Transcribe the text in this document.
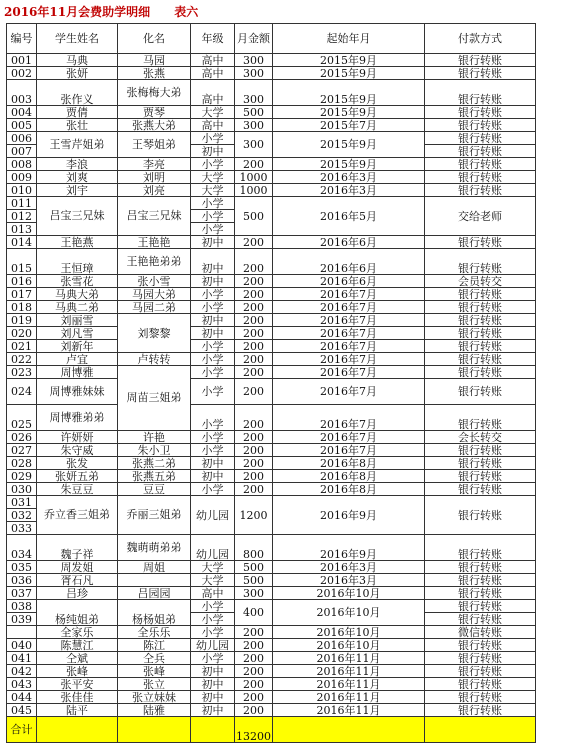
2016年11月会费助学明细 表六
编号	学生姓名	化名	年级	月金额	起始年月	付款方式
001	马典	马园	高中	300	2015年9月	银行转账
002	张妍	张燕	高中	300	2015年9月	银行转账
003	张作义	张梅梅大弟	高中	300	2015年9月	银行转账
004	贾倩	贾琴	大学	500	2015年9月	银行转账
005	张壮	张燕大弟	高中	300	2015年7月	银行转账
006	王雪芹姐弟	王琴姐弟	小学	300	2015年9月	银行转账
007			初中			银行转账
008	李浪	李亮	小学	200	2015年9月	银行转账
009	刘爽	刘明	大学	1000	2016年3月	银行转账
010	刘宇	刘亮	大学	1000	2016年3月	银行转账
011	吕宝三兄妹	吕宝三兄妹	小学	500	2016年5月	交给老师
012			小学			
013			小学			
014	王艳燕	王艳艳	初中	200	2016年6月	银行转账
015	王恒璋	王艳艳弟弟	初中	200	2016年6月	银行转账
016	张雪花	张小雪	初中	200	2016年6月	会员转交
017	马典大弟	马园大弟	小学	200	2016年7月	银行转账
018	马典二弟	马园二弟	小学	200	2016年7月	银行转账
019	刘丽雪	刘黎黎	初中	200	2016年7月	银行转账
020	刘凡雪		初中	200	2016年7月	银行转账
021	刘新年		小学	200	2016年7月	银行转账
022	卢宜	卢转转	小学	200	2016年7月	银行转账
023	周博雅	周苗三姐弟	小学	200	2016年7月	银行转账
024	周博雅妹妹		小学	200	2016年7月	银行转账
025	周博雅弟弟		小学	200	2016年7月	银行转账
026	许妍妍	许艳	小学	200	2016年7月	会长转交
027	朱守威	朱小卫	小学	200	2016年7月	银行转账
028	张发	张燕二弟	初中	200	2016年8月	银行转账
029	张妍五弟	张燕五弟	初中	200	2016年8月	银行转账
030	朱豆豆	豆豆	小学	200	2016年8月	银行转账
031	乔立香三姐弟	乔丽三姐弟	幼儿园	1200	2016年9月	银行转账
032						
033						
034	魏子祥	魏萌萌弟弟	幼儿园	800	2016年9月	银行转账
035	周发姐	周姐	大学	500	2016年3月	银行转账
036	胥石凡		大学	500	2016年3月	银行转账
037	吕珍	吕园园	高中	300	2016年10月	银行转账
038	杨纯姐弟	杨杨姐弟	小学	400	2016年10月	银行转账
039			小学			银行转账
	全家乐	全乐乐	小学	200	2016年10月	微信转账
040	陈慧江	陈江	幼儿园	200	2016年10月	银行转账
041	仝斌	仝兵	小学	200	2016年11月	银行转账
042	张峰	张峰	初中	200	2016年11月	银行转账
043	张平安	张立	初中	200	2016年11月	银行转账
044	张佳佳	张立妹妹	初中	200	2016年11月	银行转账
045	陆平	陆雅	初中	200	2016年11月	银行转账
合计				13200		
